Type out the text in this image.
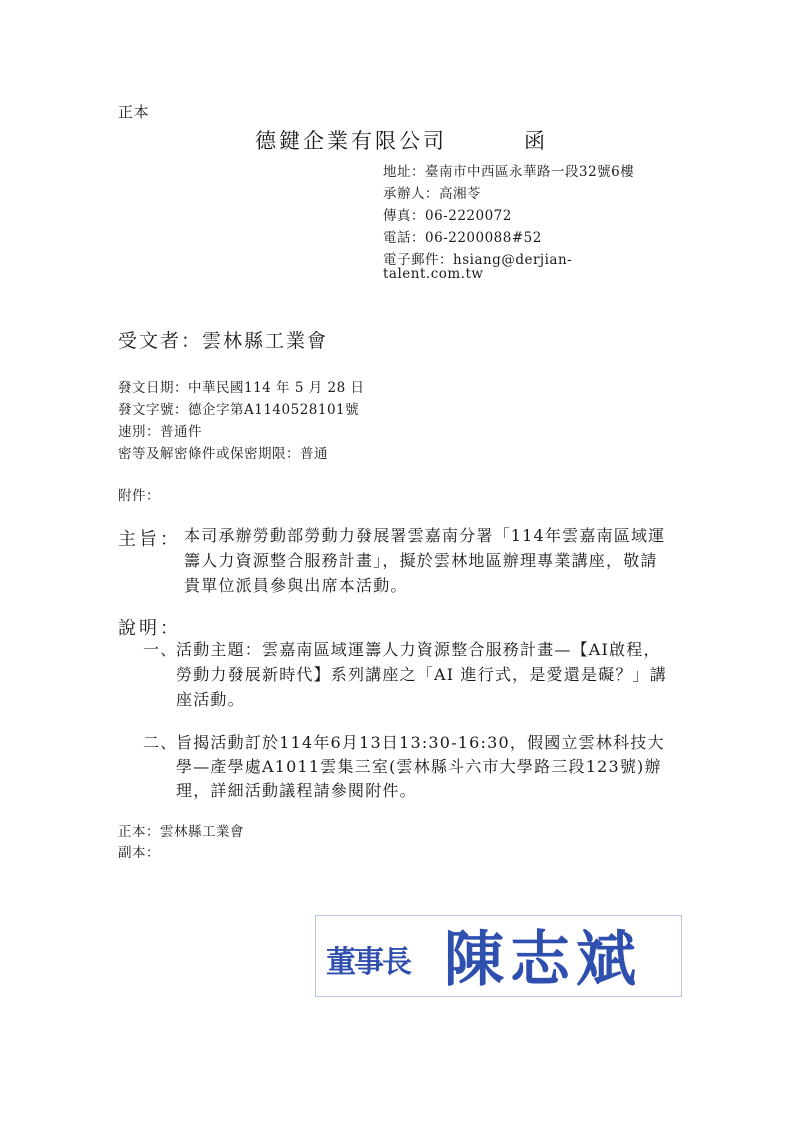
正本
德鍵企業有限公司	函
地址：臺南市中西區永華路一段32號6樓
承辦人：高湘苓
傳真：06-2220072
電話：06-2200088#52
電子郵件：hsiang@derjian-
talent.com.tw
受文者：雲林縣工業會
發文日期：中華民國114 年 5 月 28 日
發文字號：德企字第A1140528101號
速別：普通件
密等及解密條件或保密期限：普通
附件：
主旨： 本司承辦勞動部勞動力發展署雲嘉南分署「114年雲嘉南區域運
籌人力資源整合服務計畫」，擬於雲林地區辦理專業講座，敬請
貴單位派員參與出席本活動。
說明：
一、
活動主題：雲嘉南區域運籌人力資源整合服務計畫—【AI啟程，
勞動力發展新時代】系列講座之「AI 進行式，是愛還是礙？」講
座活動。
二、
旨揭活動訂於114年6月13日13:30-16:30，假國立雲林科技大
學—產學處A1011雲集三室(雲林縣斗六市大學路三段123號)辦
理，詳細活動議程請參閱附件。
正本：雲林縣工業會
副本：
董事長 陳志斌
